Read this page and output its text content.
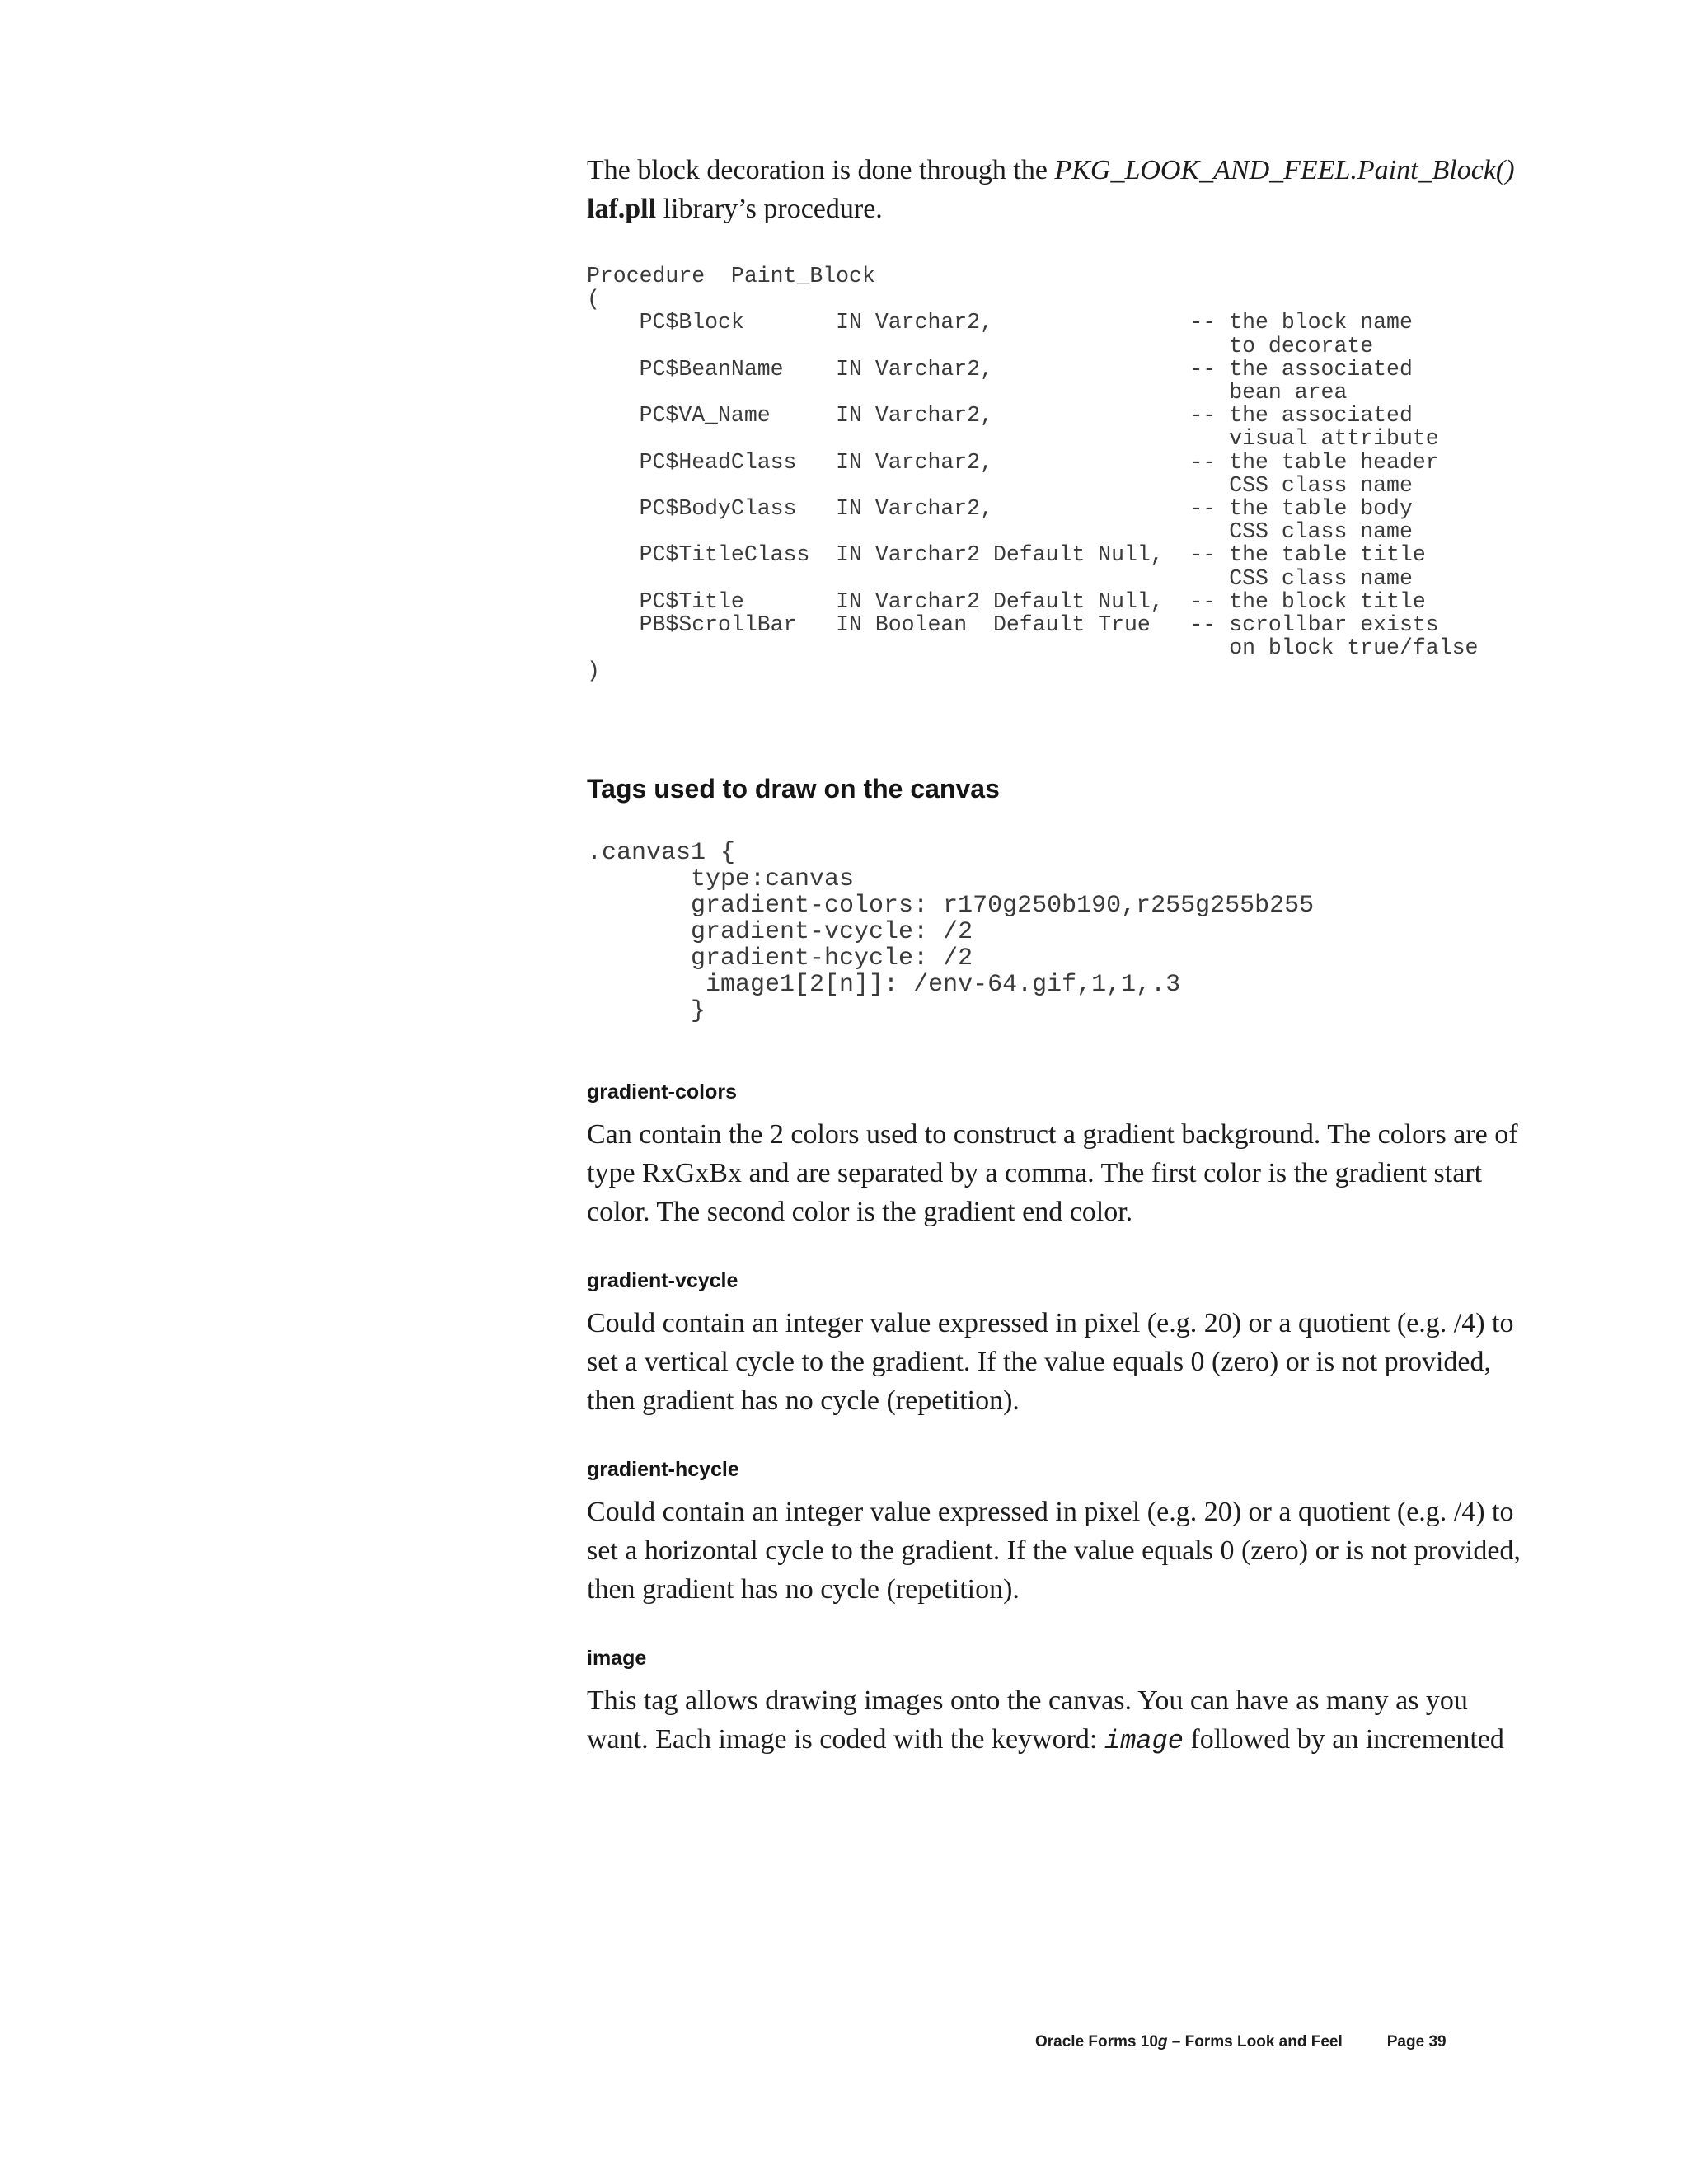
The block decoration is done through the PKG_LOOK_AND_FEEL.Paint_Block()
laf.pll library’s procedure.

Procedure  Paint_Block
(
PC$Block       IN Varchar2,               -- the block name
to decorate
PC$BeanName    IN Varchar2,               -- the associated
bean area
PC$VA_Name     IN Varchar2,               -- the associated
visual attribute
PC$HeadClass   IN Varchar2,               -- the table header
CSS class name
PC$BodyClass   IN Varchar2,               -- the table body
CSS class name
PC$TitleClass  IN Varchar2 Default Null,  -- the table title
CSS class name
PC$Title       IN Varchar2 Default Null,  -- the block title
PB$ScrollBar   IN Boolean  Default True   -- scrollbar exists
on block true/false
)
Tags used to draw on the canvas
.canvas1 {
type:canvas
gradient-colors: r170g250b190,r255g255b255
gradient-vcycle: /2
gradient-hcycle: /2
image1[2[n]]: /env-64.gif,1,1,.3
}
gradient-colors

Can contain the 2 colors used to construct a gradient background. The colors are of type RxGxBx and are separated by a comma. The first color is the gradient start color. The second color is the gradient end color.

gradient-vcycle

Could contain an integer value expressed in pixel (e.g. 20) or a quotient (e.g. /4) to set a vertical cycle to the gradient. If the value equals 0 (zero) or is not provided, then gradient has no cycle (repetition).

gradient-hcycle

Could contain an integer value expressed in pixel (e.g. 20) or a quotient (e.g. /4) to set a horizontal cycle to the gradient. If the value equals 0 (zero) or is not provided, then gradient has no cycle (repetition).

image

This tag allows drawing images onto the canvas. You can have as many as you want. Each image is coded with the keyword: image followed by an incremented

Oracle Forms 10g – Forms Look and Feel	Page 39
